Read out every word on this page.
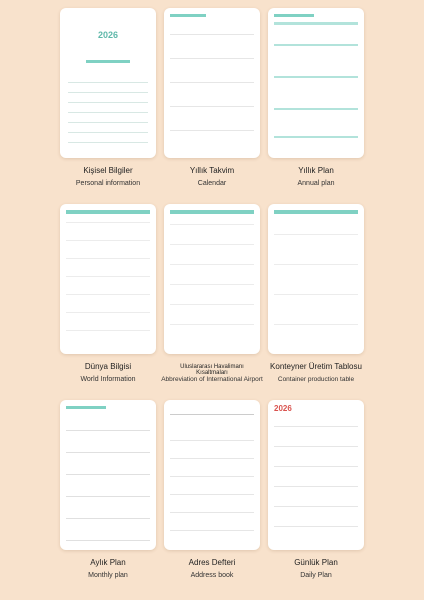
2026
Kişisel Bilgiler
Personal information
Yıllık Takvim
Calendar
Yıllık Plan
Annual plan
Dünya Bilgisi
World Information
Uluslararası Havalimanı Kısaltmaları
Abbreviation of International Airport
Konteyner Üretim Tablosu
Container production table
Aylık Plan
Monthly plan
Adres Defteri
Address book
2026
Günlük Plan
Daily Plan
